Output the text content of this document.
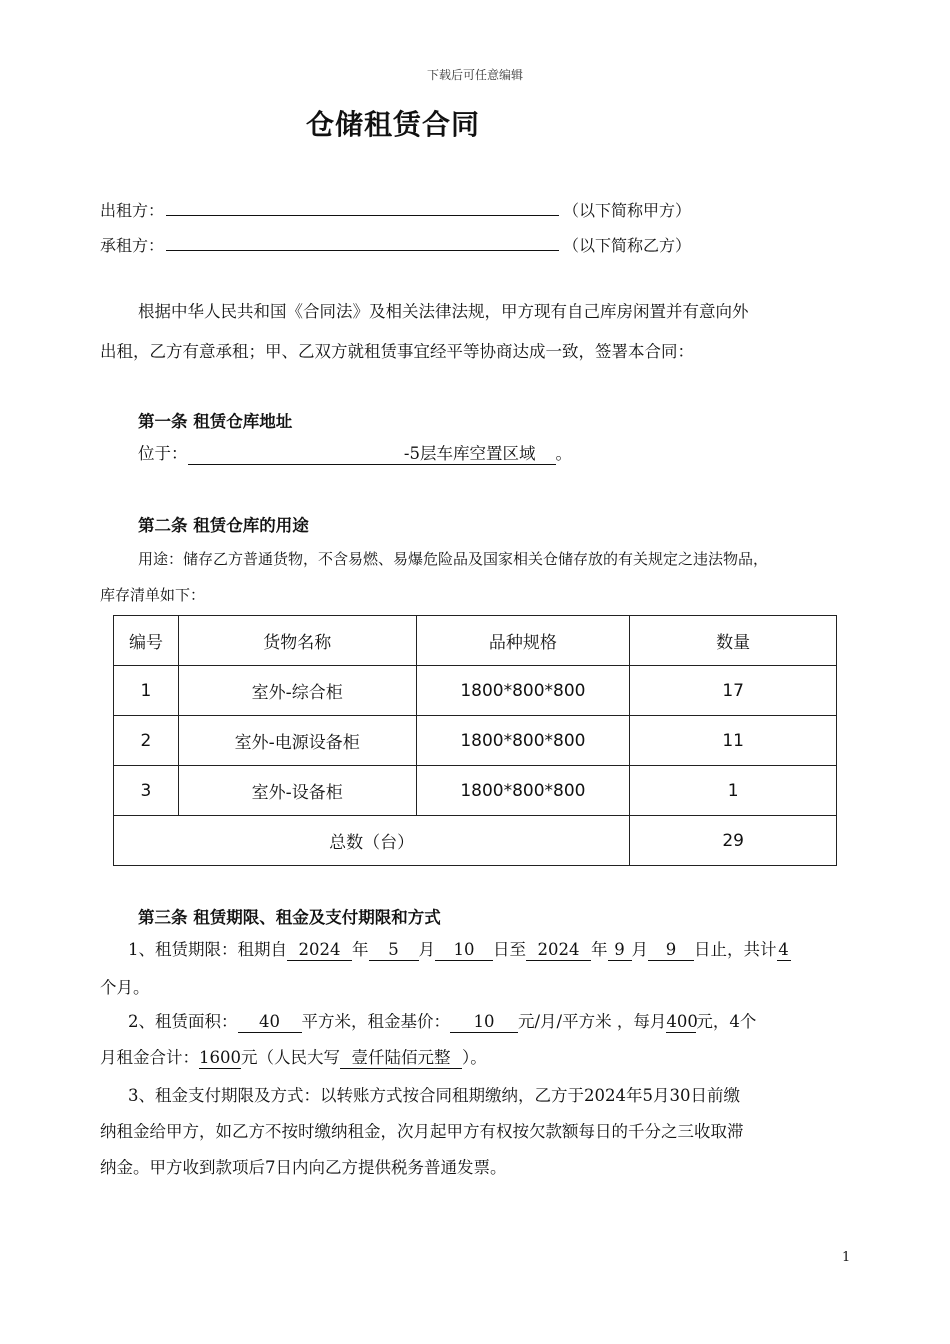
下载后可任意编辑
仓储租赁合同
出租方：	（以下简称甲方）
承租方：	（以下简称乙方）
根据中华人民共和国《合同法》及相关法律法规，甲方现有自己库房闲置并有意向外
出租，乙方有意承租；甲、乙双方就租赁事宜经平等协商达成一致，签署本合同：
第一条 租赁仓库地址
位于：	-5层车库空置区域 。
第二条 租赁仓库的用途
用途：储存乙方普通货物，不含易燃、易爆危险品及国家相关仓储存放的有关规定之违法物品，
库存清单如下：
编号	货物名称	品种规格	数量
1	室外-综合柜	1800*800*800	17
2	室外-电源设备柜	1800*800*800	11
3	室外-设备柜	1800*800*800	1
总数（台）			29
第三条 租赁期限、租金及支付期限和方式
1、租赁期限：租期自 2024 年 5 月 10 日至 2024 年 9 月 9 日止，共计 4
个月。
2、租赁面积： 40 平方米，租金基价： 10 元/月/平方米 ，每月400元，4个
月租金合计：1600元（人民大写 壹仟陆佰元整 ）。
3、租金支付期限及方式：以转账方式按合同租期缴纳，乙方于2024年5月30日前缴
纳租金给甲方，如乙方不按时缴纳租金，次月起甲方有权按欠款额每日的千分之三收取滞
纳金。甲方收到款项后7日内向乙方提供税务普通发票。
1
